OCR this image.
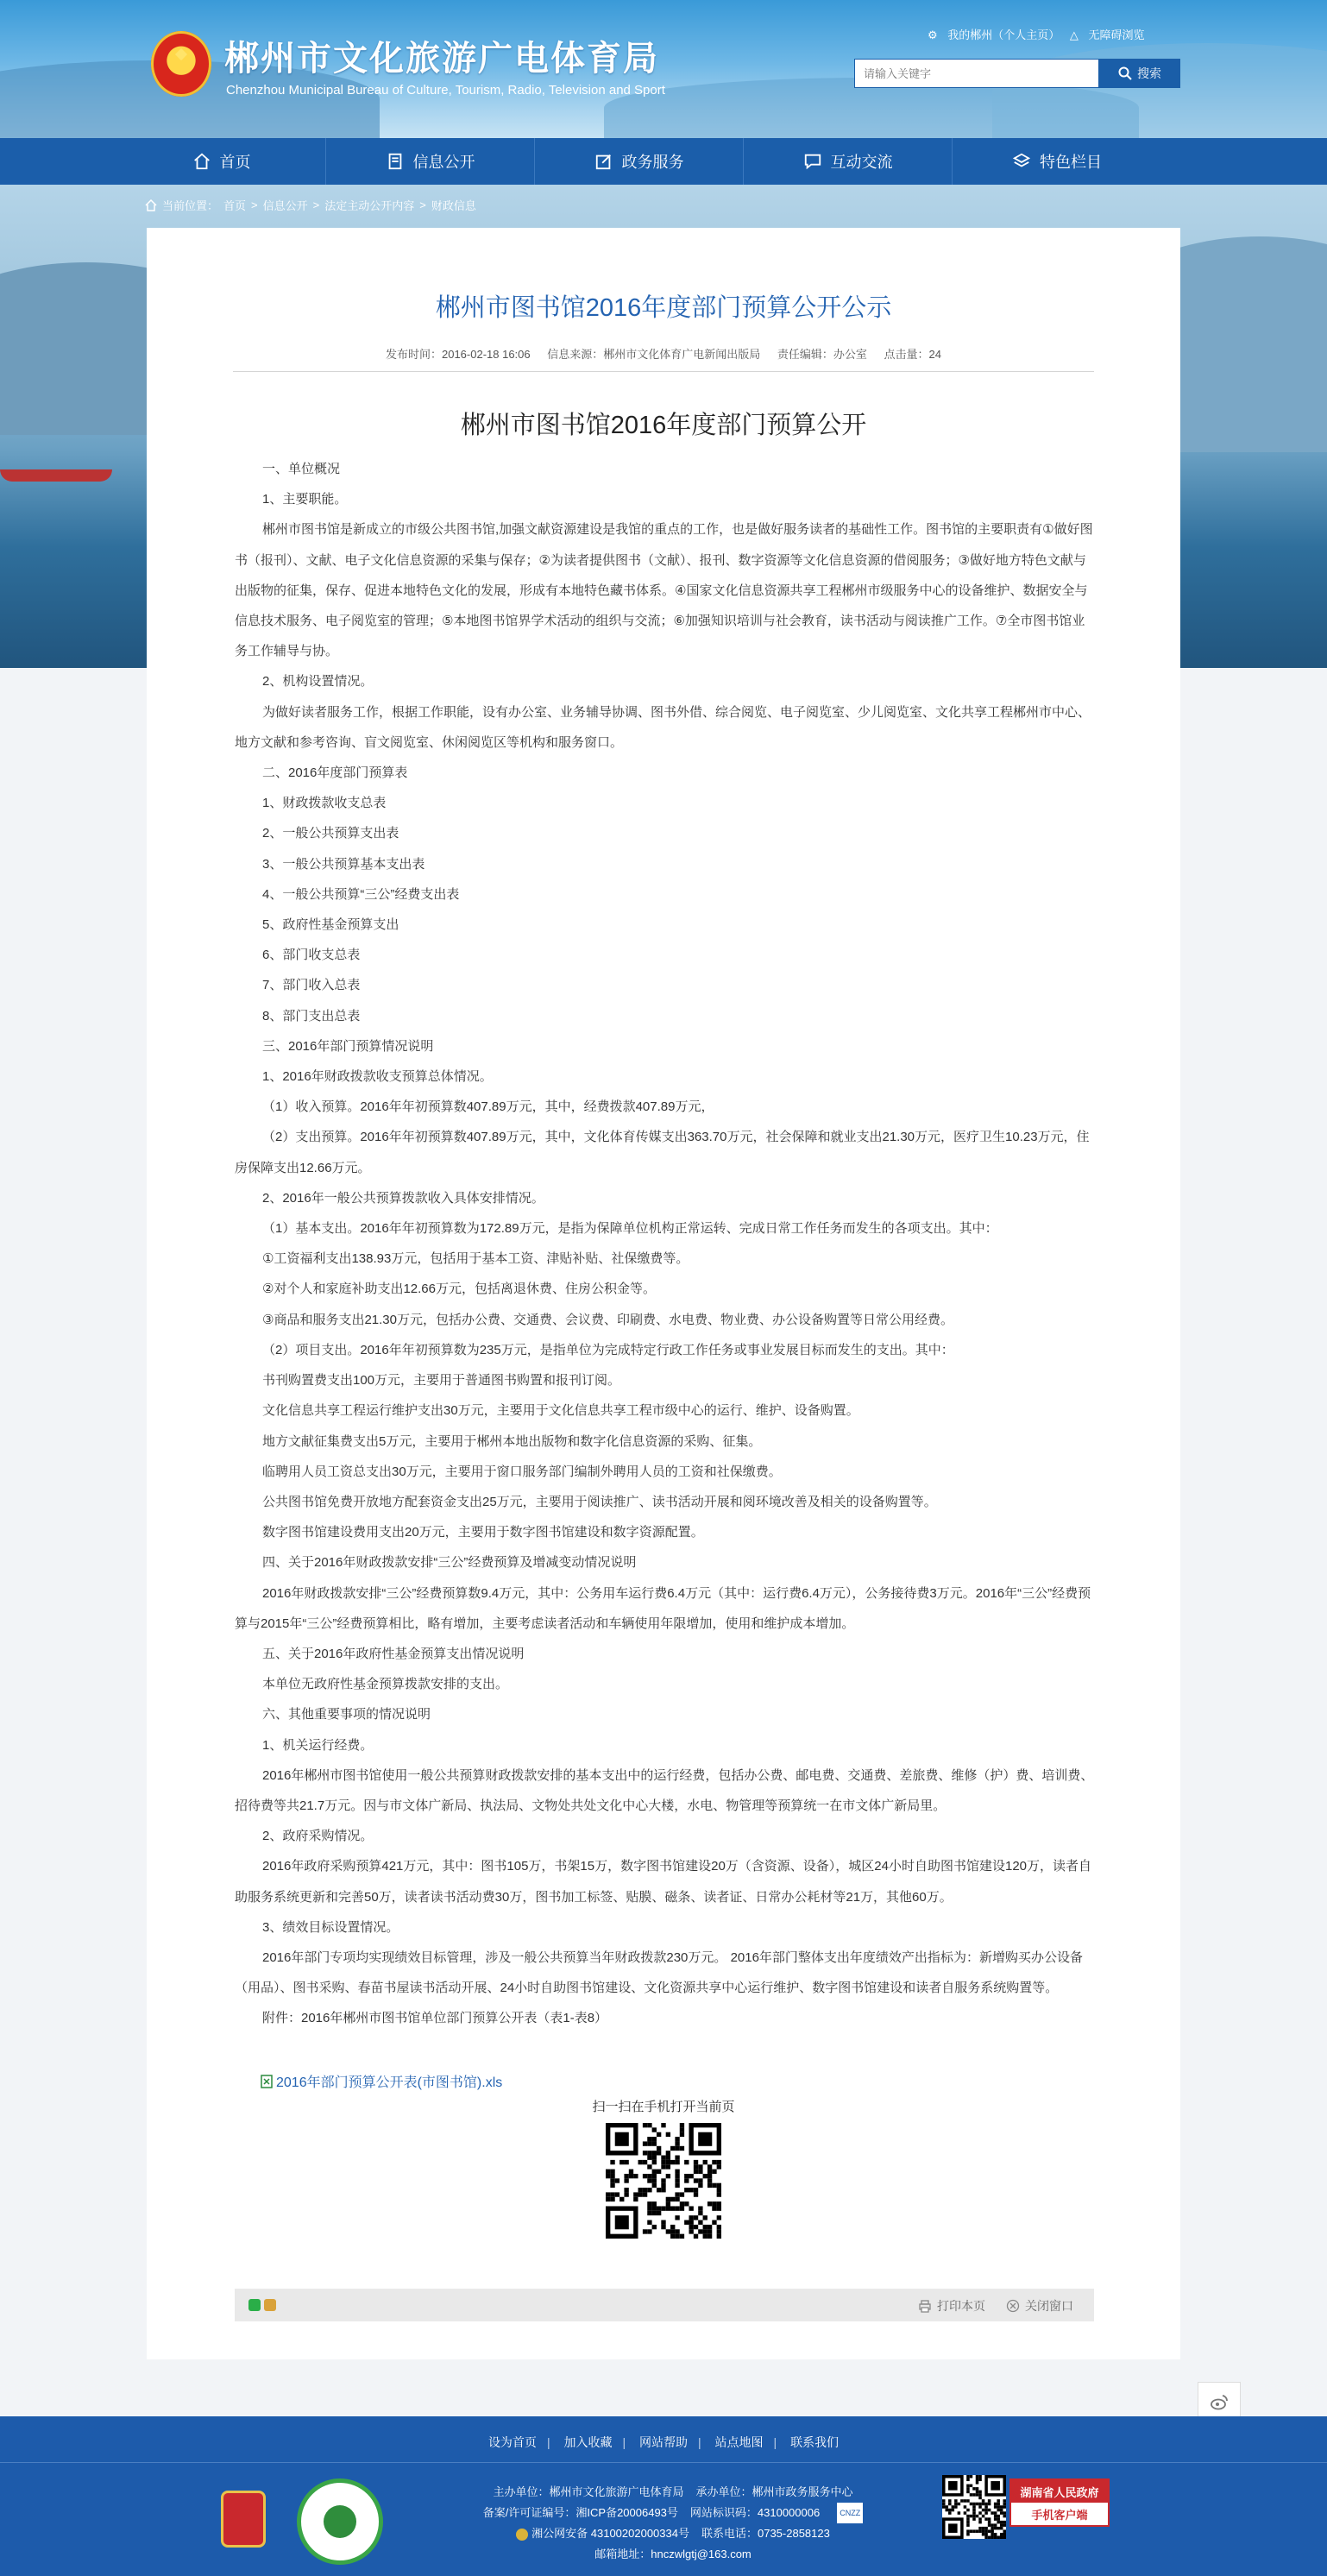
郴州市文化旅游广电体育局
Chenzhou Municipal Bureau of Culture, Tourism, Radio, Television and Sport
⚙ 我的郴州（个人主页） △ 无障碍浏览
请输入关键字
搜索
首页	信息公开	政务服务	互动交流	特色栏目
当前位置： 首页 > 信息公开 > 法定主动公开内容 > 财政信息
郴州市图书馆2016年度部门预算公开公示
发布时间：2016-02-18 16:06 信息来源：郴州市文化体育广电新闻出版局 责任编辑：办公室 点击量：24
郴州市图书馆2016年度部门预算公开

一、单位概况

1、主要职能。

郴州市图书馆是新成立的市级公共图书馆,加强文献资源建设是我馆的重点的工作，也是做好服务读者的基础性工作。图书馆的主要职责有①做好图书（报刊）、文献、电子文化信息资源的采集与保存；②为读者提供图书（文献）、报刊、数字资源等文化信息资源的借阅服务；③做好地方特色文献与出版物的征集，保存、促进本地特色文化的发展，形成有本地特色藏书体系。④国家文化信息资源共享工程郴州市级服务中心的设备维护、数据安全与信息技术服务、电子阅览室的管理；⑤本地图书馆界学术活动的组织与交流；⑥加强知识培训与社会教育，读书活动与阅读推广工作。⑦全市图书馆业务工作辅导与协。

2、机构设置情况。

为做好读者服务工作，根据工作职能，设有办公室、业务辅导协调、图书外借、综合阅览、电子阅览室、少儿阅览室、文化共享工程郴州市中心、地方文献和参考咨询、盲文阅览室、休闲阅览区等机构和服务窗口。

二、2016年度部门预算表

1、财政拨款收支总表

2、一般公共预算支出表

3、一般公共预算基本支出表

4、一般公共预算“三公”经费支出表

5、政府性基金预算支出

6、部门收支总表

7、部门收入总表

8、部门支出总表

三、2016年部门预算情况说明

1、2016年财政拨款收支预算总体情况。

（1）收入预算。2016年年初预算数407.89万元，其中，经费拨款407.89万元，

（2）支出预算。2016年年初预算数407.89万元，其中，文化体育传媒支出363.70万元，社会保障和就业支出21.30万元，医疗卫生10.23万元，住房保障支出12.66万元。

2、2016年一般公共预算拨款收入具体安排情况。

（1）基本支出。2016年年初预算数为172.89万元，是指为保障单位机构正常运转、完成日常工作任务而发生的各项支出。其中：

①工资福利支出138.93万元，包括用于基本工资、津贴补贴、社保缴费等。

②对个人和家庭补助支出12.66万元，包括离退休费、住房公积金等。

③商品和服务支出21.30万元，包括办公费、交通费、会议费、印刷费、水电费、物业费、办公设备购置等日常公用经费。

（2）项目支出。2016年年初预算数为235万元，是指单位为完成特定行政工作任务或事业发展目标而发生的支出。其中：

书刊购置费支出100万元，主要用于普通图书购置和报刊订阅。

文化信息共享工程运行维护支出30万元，主要用于文化信息共享工程市级中心的运行、维护、设备购置。

地方文献征集费支出5万元，主要用于郴州本地出版物和数字化信息资源的采购、征集。

临聘用人员工资总支出30万元，主要用于窗口服务部门编制外聘用人员的工资和社保缴费。

公共图书馆免费开放地方配套资金支出25万元，主要用于阅读推广、读书活动开展和阅环境改善及相关的设备购置等。

数字图书馆建设费用支出20万元，主要用于数字图书馆建设和数字资源配置。

四、关于2016年财政拨款安排“三公”经费预算及增减变动情况说明

2016年财政拨款安排“三公”经费预算数9.4万元，其中：公务用车运行费6.4万元（其中：运行费6.4万元），公务接待费3万元。2016年“三公”经费预算与2015年“三公”经费预算相比，略有增加，主要考虑读者活动和车辆使用年限增加，使用和维护成本增加。

五、关于2016年政府性基金预算支出情况说明

本单位无政府性基金预算拨款安排的支出。

六、其他重要事项的情况说明

1、机关运行经费。

2016年郴州市图书馆使用一般公共预算财政拨款安排的基本支出中的运行经费，包括办公费、邮电费、交通费、差旅费、维修（护）费、培训费、招待费等共21.7万元。因与市文体广新局、执法局、文物处共处文化中心大楼，水电、物管理等预算统一在市文体广新局里。

2、政府采购情况。

2016年政府采购预算421万元，其中：图书105万，书架15万，数字图书馆建设20万（含资源、设备），城区24小时自助图书馆建设120万，读者自助服务系统更新和完善50万，读者读书活动费30万，图书加工标签、贴膜、磁条、读者证、日常办公耗材等21万，其他60万。

3、绩效目标设置情况。

2016年部门专项均实现绩效目标管理，涉及一般公共预算当年财政拨款230万元。 2016年部门整体支出年度绩效产出指标为：新增购买办公设备（用品）、图书采购、春苗书屋读书活动开展、24小时自助图书馆建设、文化资源共享中心运行维护、数字图书馆建设和读者自服务系统购置等。

附件：2016年郴州市图书馆单位部门预算公开表（表1-表8）

2016年部门预算公开表(市图书馆).xls
扫一扫在手机打开当前页
打印本页	关闭窗口
设为首页 | 加入收藏 | 网站帮助 | 站点地图 | 联系我们
主办单位：郴州市文化旅游广电体育局 承办单位：郴州市政务服务中心
备案/许可证编号：湘ICP备20006493号 网站标识码：4310000006	CNZZ
湘公网安备 43100202000334号 联系电话：0735-2858123
邮箱地址：hnczwlgtj@163.com
湖南省人民政府
手机客户端
